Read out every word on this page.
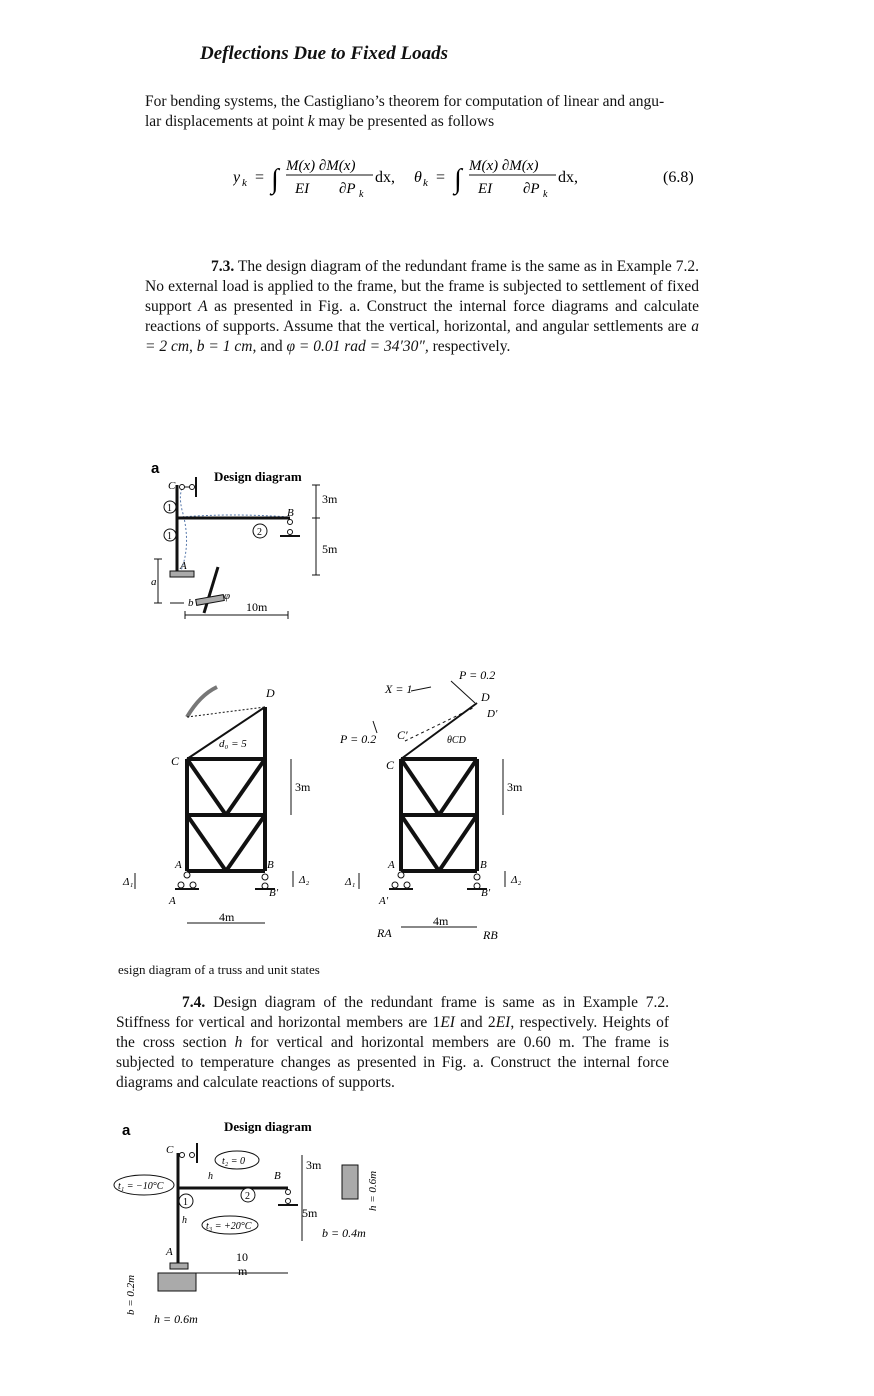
Deflections Due to Fixed Loads
For bending systems, the Castigliano’s theorem for computation of linear and angu-
lar displacements at point k may be presented as follows
y k = ∫ M(x) ∂M(x)
EI ∂P k
dx, θ k = ∫ M(x) ∂M(x)
EI ∂P k
dx,	(6.8)
7.3. The design diagram of the redundant frame is the same as in Example 7.2. No external load is applied to the frame, but the frame is subjected to settlement of fixed support A as presented in Fig. a. Construct the internal force diagrams and calculate reactions of supports. Assume that the vertical, horizontal, and angular settlements are a = 2 cm, b = 1 cm, and φ = 0.01 rad = 34′30″, respectively.
a	Design diagram
C
1
1	2
B
A
φ
a
b
3m
5m
10m
D
C
d₀ = 5
A	B
A
B′
3m
4m
Δ₁	Δ₂
P = 0.2
X = 1
D
D′
P = 0.2 C′	θCD
C
A	B
A′
B′
3m
4m
RA	RB
Δ₁	Δ₂
esign diagram of a truss and unit states
7.4. Design diagram of the redundant frame is same as in Example 7.2. Stiffness for vertical and horizontal members are 1EI and 2EI, respectively. Heights of the cross section h for vertical and horizontal members are 0.60 m. The frame is subjected to temperature changes as presented in Fig. a. Construct the internal force diagrams and calculate reactions of supports.
a	Design diagram
C
t₂ = 0
h
t₁ = −10°C
1
2
h
t₃ = +20°C
B
A
3m
5m
10
m
h = 0.6m
b = 0.4m
b = 0.2m
h = 0.6m
